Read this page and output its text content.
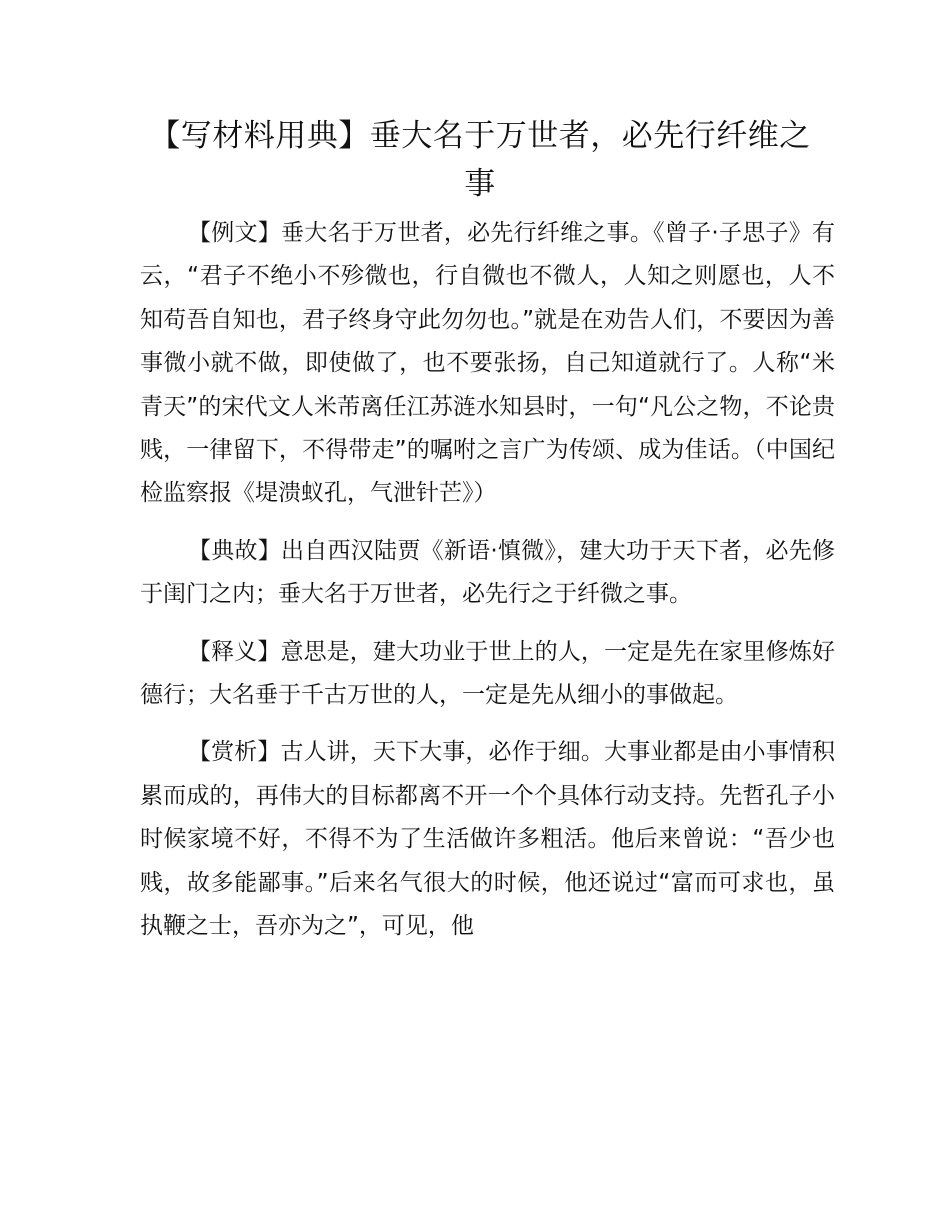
【写材料用典】垂大名于万世者，必先行纤维之事

【例文】垂大名于万世者，必先行纤维之事。《曾子·子思子》有云，“君子不绝小不殄微也，行自微也不微人，人知之则愿也，人不知苟吾自知也，君子终身守此勿勿也。”就是在劝告人们，不要因为善事微小就不做，即使做了，也不要张扬，自己知道就行了。人称“米青天”的宋代文人米芾离任江苏涟水知县时，一句“凡公之物，不论贵贱，一律留下，不得带走”的嘱咐之言广为传颂、成为佳话。（中国纪检监察报《堤溃蚁孔，气泄针芒》）

【典故】出自西汉陆贾《新语·慎微》，建大功于天下者，必先修于闺门之内；垂大名于万世者，必先行之于纤微之事。

【释义】意思是，建大功业于世上的人，一定是先在家里修炼好德行；大名垂于千古万世的人，一定是先从细小的事做起。

【赏析】古人讲，天下大事，必作于细。大事业都是由小事情积累而成的，再伟大的目标都离不开一个个具体行动支持。先哲孔子小时候家境不好，不得不为了生活做许多粗活。他后来曾说：“吾少也贱，故多能鄙事。”后来名气很大的时候，他还说过“富而可求也，虽执鞭之士，吾亦为之”，可见，他
